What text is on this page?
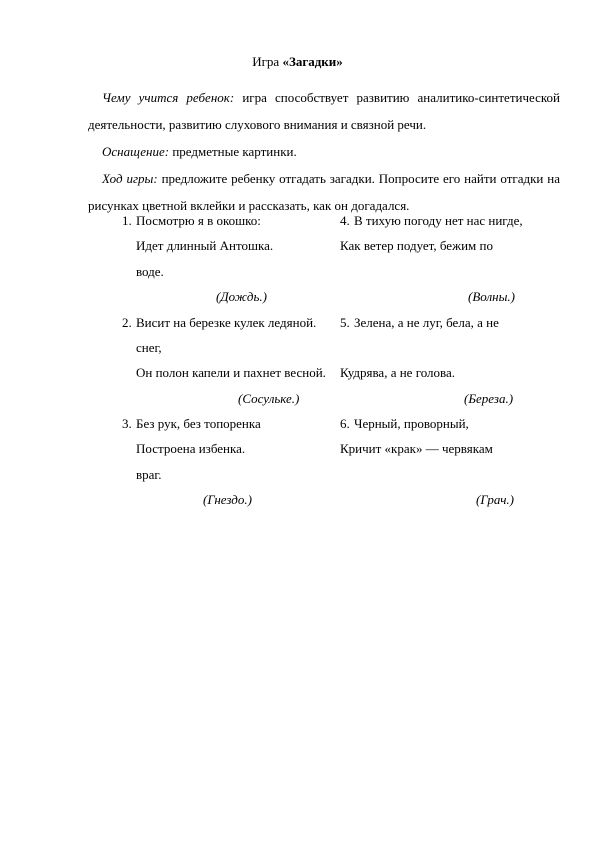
Игра «Загадки»
Чему учится ребенок: игра способствует развитию аналитико-синтетической деятельности, развитию слухового внимания и связной речи.
Оснащение: предметные картинки.
Ход игры: предложите ребенку отгадать загадки. Попросите его найти отгадки на рисунках цветной вклейки и рассказать, как он догадался.
1. Посмотрю я в окошко:
Идет длинный Антошка.
воде.
(Дождь.)
4. В тихую погоду нет нас нигде,
Как ветер подует, бежим по
(Волны.)
2. Висит на березке кулек ледяной.
снег,
Он полон капели и пахнет весной.
(Сосульке.)
5. Зелена, а не луг, бела, а не
Кудрява, а не голова.
(Береза.)
3. Без рук, без топоренка
Построена избенка.
враг.
(Гнездо.)
6. Черный, проворный,
Кричит «крак» — червякам
(Грач.)
